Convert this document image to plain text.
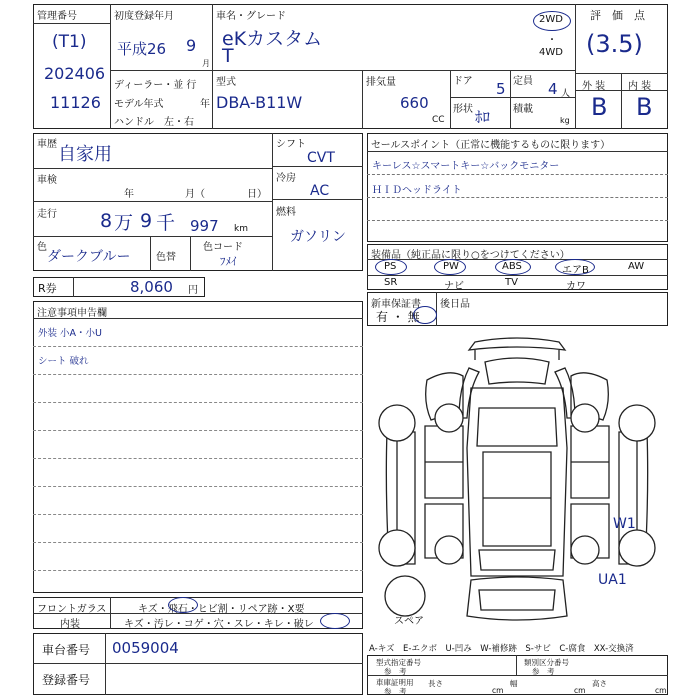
管理番号
(T1)
202406
11126
初度登録年月
平成26 9
月
ディーラー・並 行
モデル年式	年
ハンドル　左・右
車名・グレード
eKカスタム
T
2WD
・
4WD
型式
DBA-B11W
排気量
660
CC
ドア 5 定員 4 人
形状 ﾎﾛ 積載
kg
評　価　点
(3.5)
外 装 内 装
B B
車歴 自家用
車検
年	月（	日）
走行 8 万 9 千 997 km
色
ダークブルー	色替
色コード
ﾌﾒｲ
シフト
CVT
冷房
AC
燃料
ガソリン
R券	8,060 円
セールスポイント（正常に機能するものに限ります）
キーレス☆スマートキー☆バックモニター
ＨＩＤヘッドライト
装備品（純正品に限り○をつけてください）
PS	PW	ABS	エアB	AW
SR	ナビ	TV	カワ
新車保証書
有 ・ 無
後日品
注意事項申告欄
外装 小A・小U
シート 破れ
W1
UA1
スペア
フロントガラス	キズ・飛石・ヒビ割・リペア跡・X要
内装	キズ・汚レ・コゲ・穴・スレ・キレ・破レ
車台番号 0059004
登録番号
A-キズ　E-エクボ　U-凹み　W-補修跡　S-サビ　C-腐食　XX-交換済
型式指定番号
参　考
類別区分番号
参　考
車庫証明用
参　考
長さ
cm
幅
cm
高さ
cm
